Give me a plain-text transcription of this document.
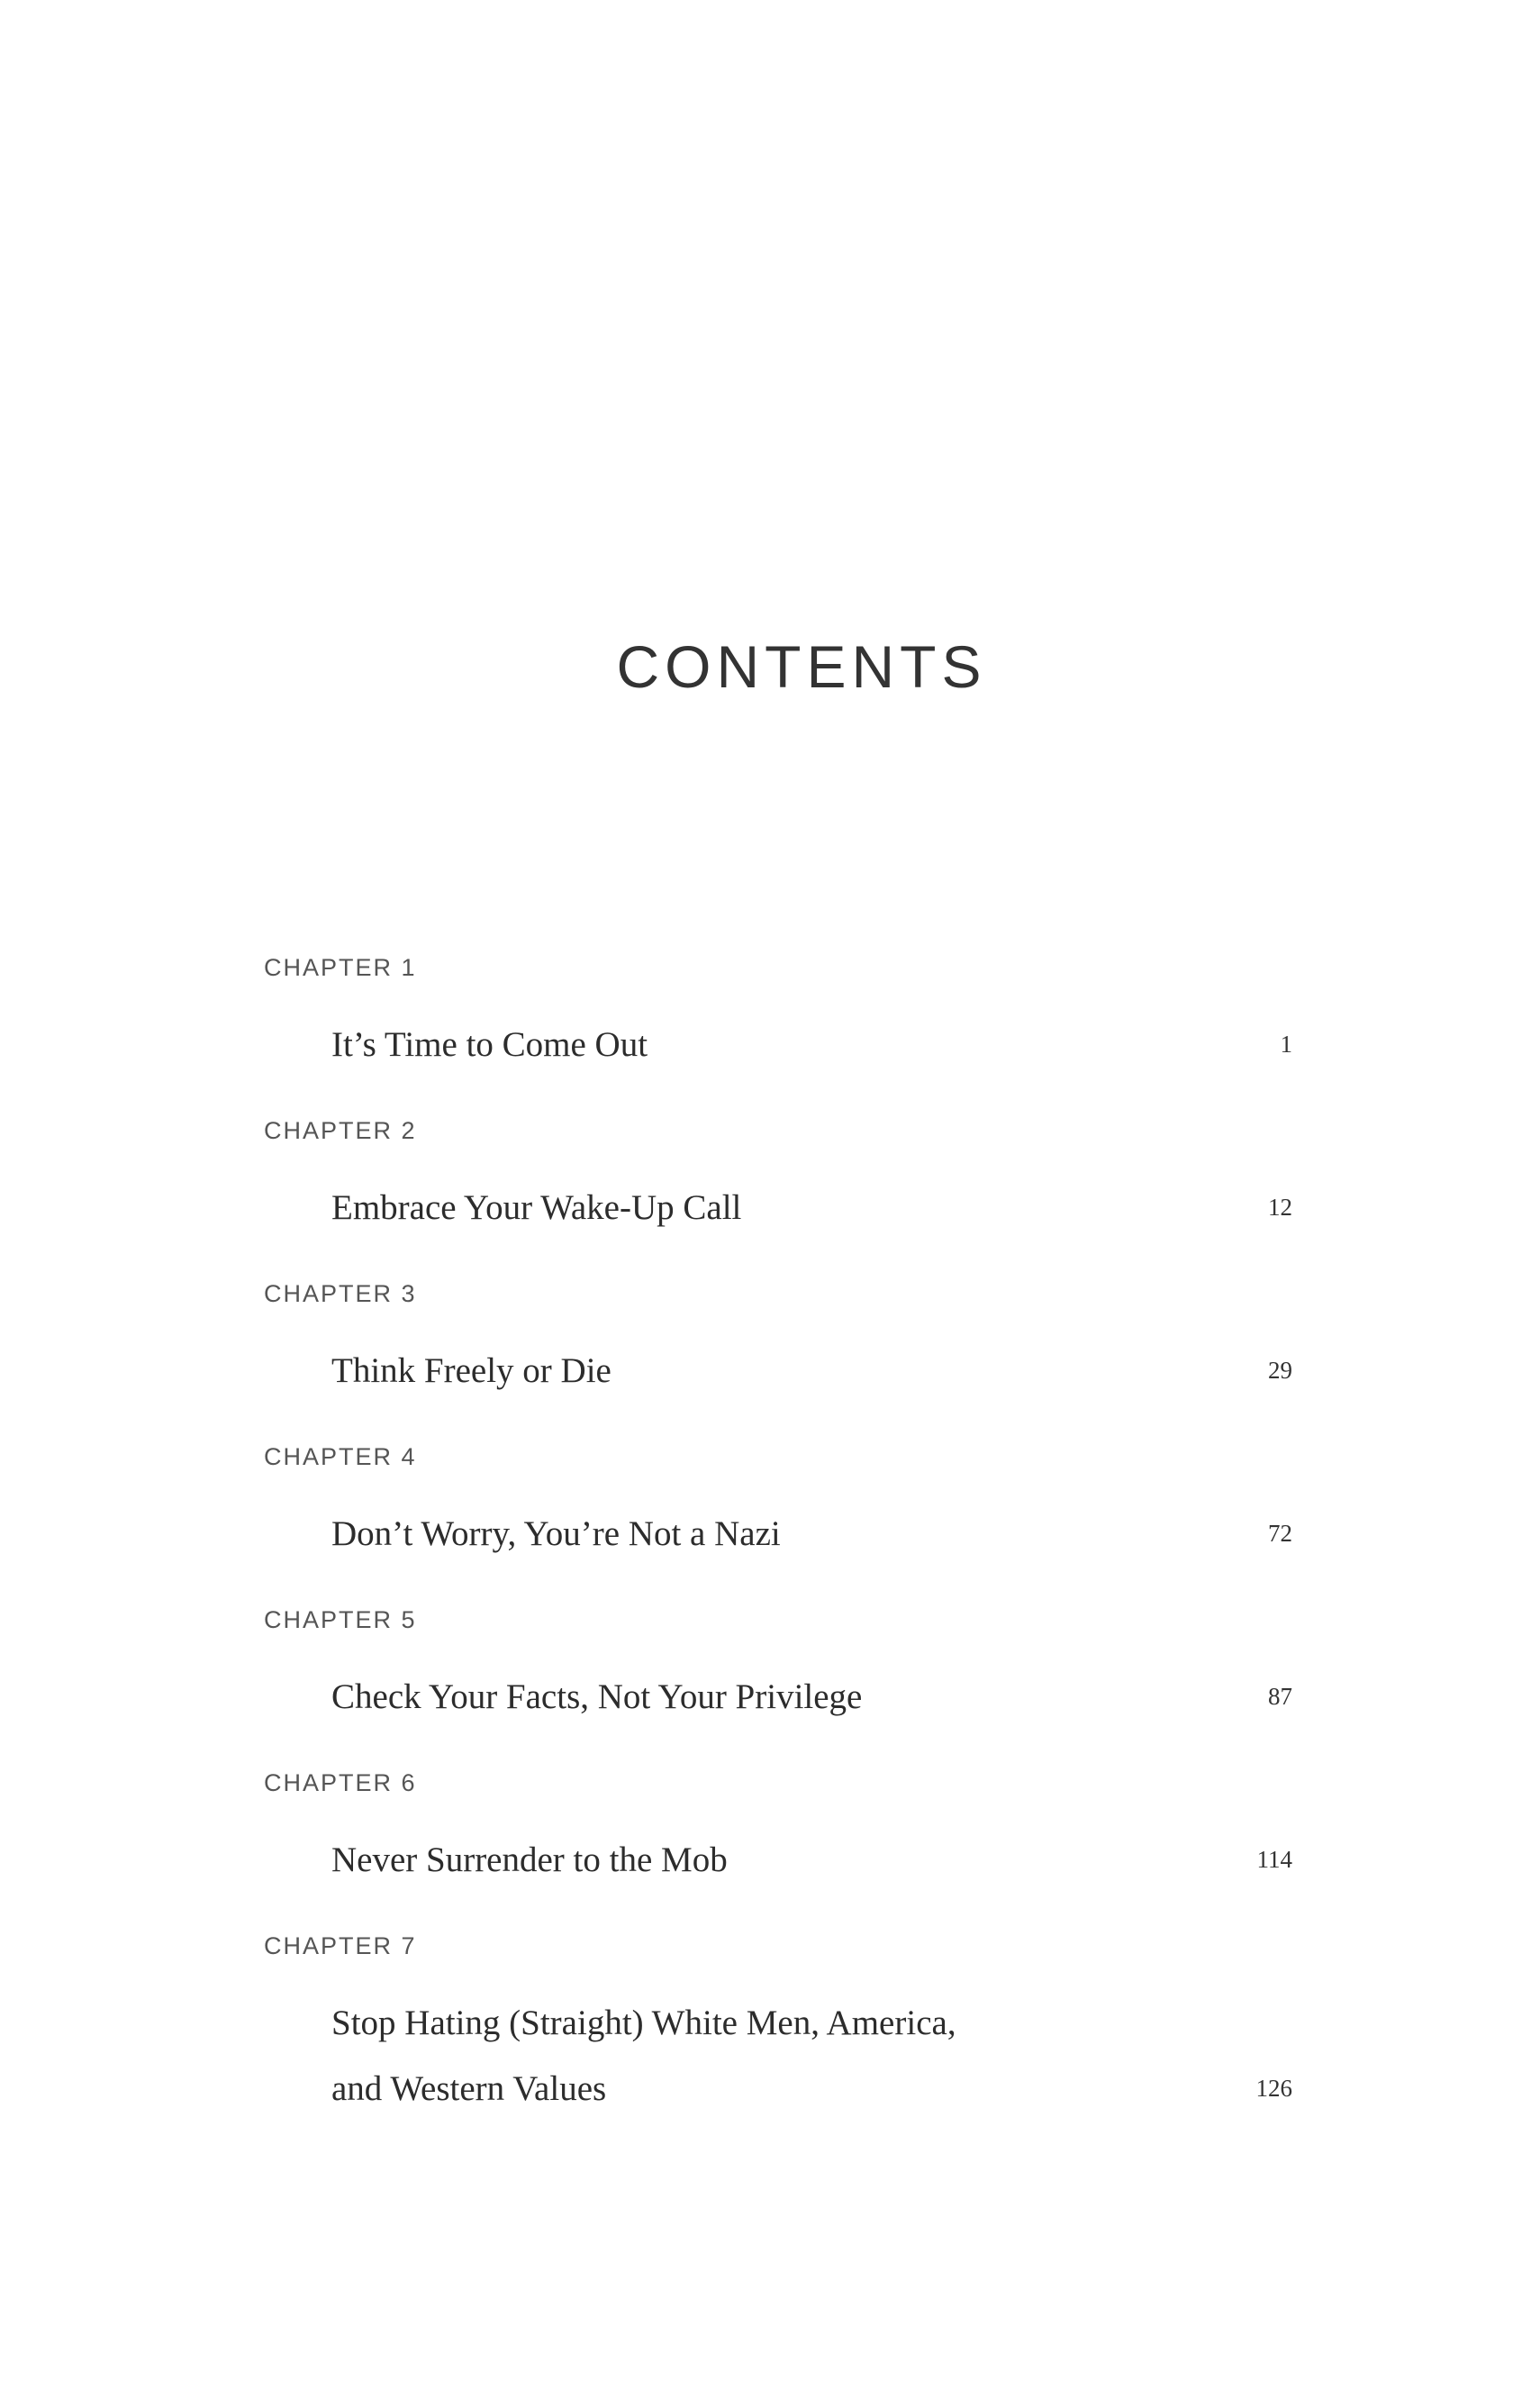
CONTENTS
CHAPTER 1
It’s Time to Come Out	1
CHAPTER 2
Embrace Your Wake-Up Call	12
CHAPTER 3
Think Freely or Die	29
CHAPTER 4
Don’t Worry, You’re Not a Nazi	72
CHAPTER 5
Check Your Facts, Not Your Privilege	87
CHAPTER 6
Never Surrender to the Mob	114
CHAPTER 7
Stop Hating (Straight) White Men, America,
and Western Values	126
